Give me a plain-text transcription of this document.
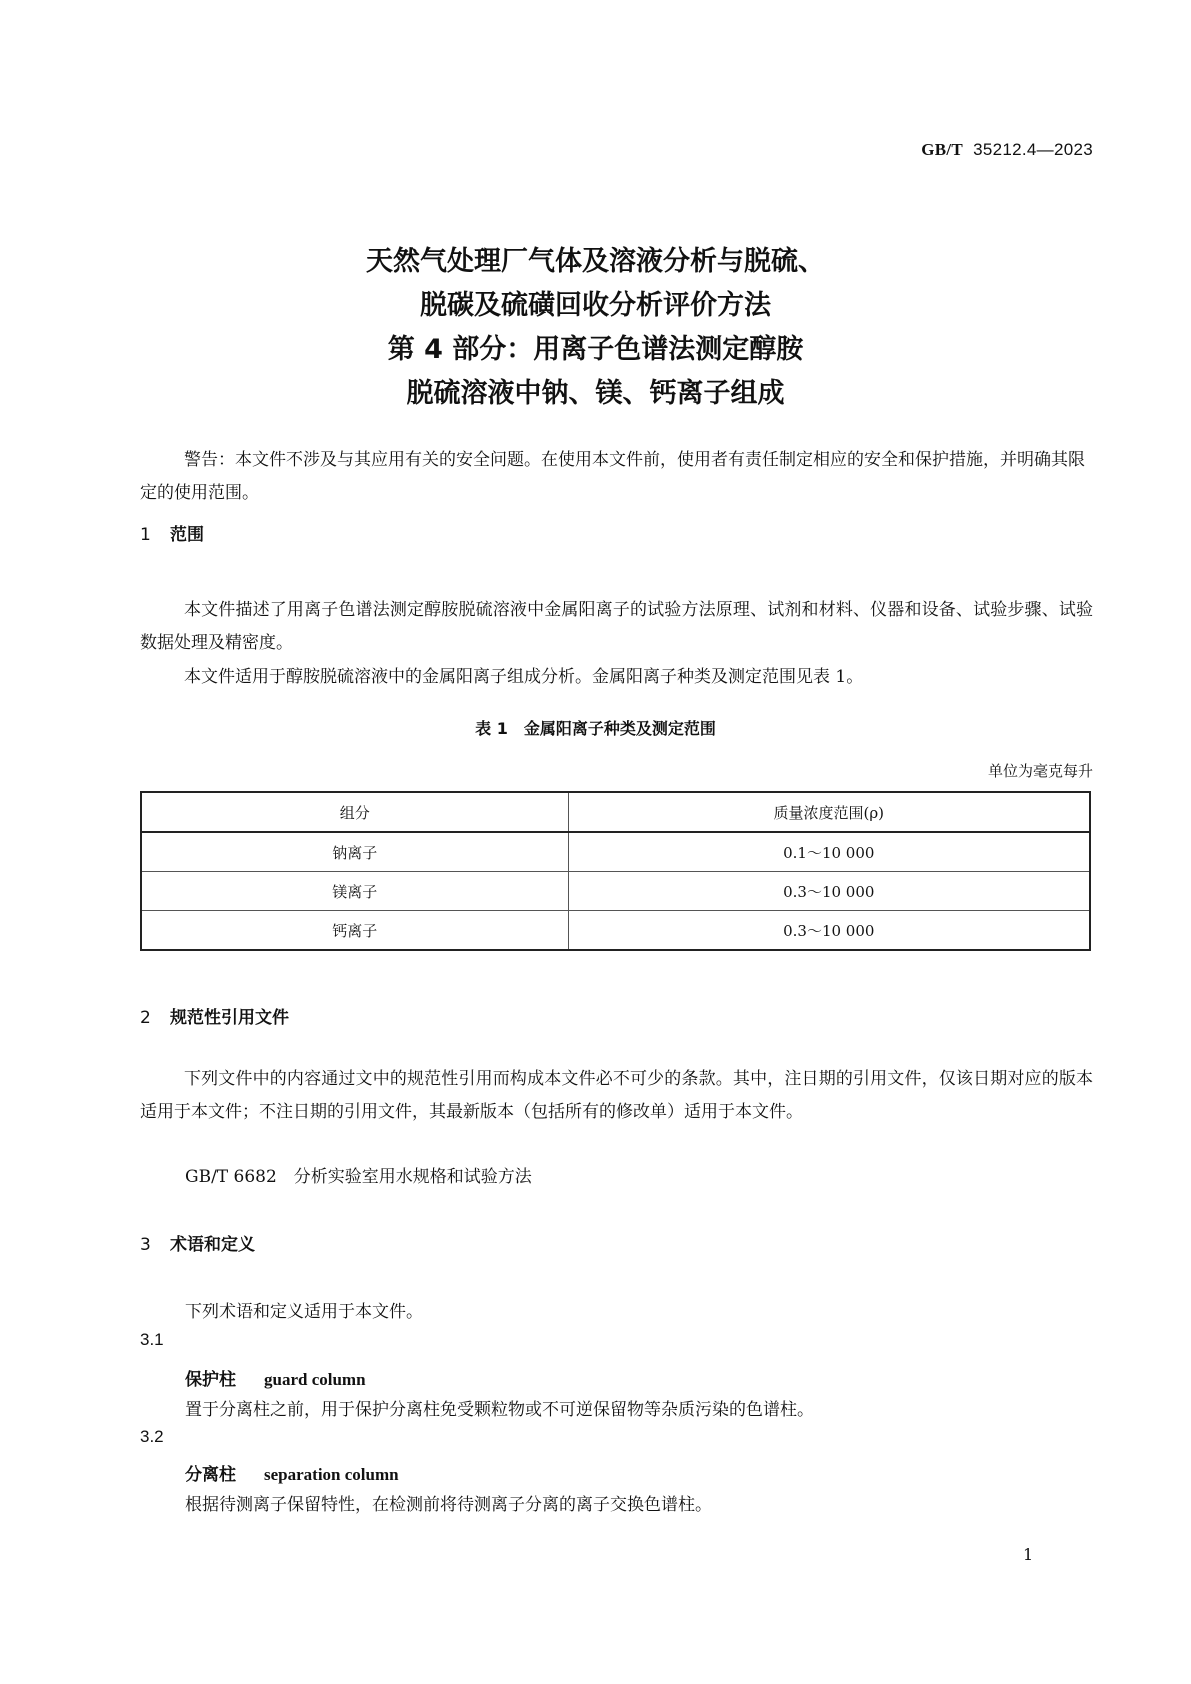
GB/T 35212.4—2023
天然气处理厂气体及溶液分析与脱硫、
脱碳及硫磺回收分析评价方法
第 4 部分：用离子色谱法测定醇胺
脱硫溶液中钠、镁、钙离子组成
警告：本文件不涉及与其应用有关的安全问题。在使用本文件前，使用者有责任制定相应的安全和保护措施，并明确其限定的使用范围。
1 范围
本文件描述了用离子色谱法测定醇胺脱硫溶液中金属阳离子的试验方法原理、试剂和材料、仪器和设备、试验步骤、试验数据处理及精密度。
本文件适用于醇胺脱硫溶液中的金属阳离子组成分析。金属阳离子种类及测定范围见表 1。
表 1　金属阳离子种类及测定范围
单位为毫克每升
组分	质量浓度范围(ρ)
钠离子	0.1～10 000
镁离子	0.3～10 000
钙离子	0.3～10 000
2 规范性引用文件
下列文件中的内容通过文中的规范性引用而构成本文件必不可少的条款。其中，注日期的引用文件，仅该日期对应的版本适用于本文件；不注日期的引用文件，其最新版本（包括所有的修改单）适用于本文件。
GB/T 6682　分析实验室用水规格和试验方法
3 术语和定义
下列术语和定义适用于本文件。
3.1
保护柱 guard column
置于分离柱之前，用于保护分离柱免受颗粒物或不可逆保留物等杂质污染的色谱柱。
3.2
分离柱 separation column
根据待测离子保留特性，在检测前将待测离子分离的离子交换色谱柱。
1
